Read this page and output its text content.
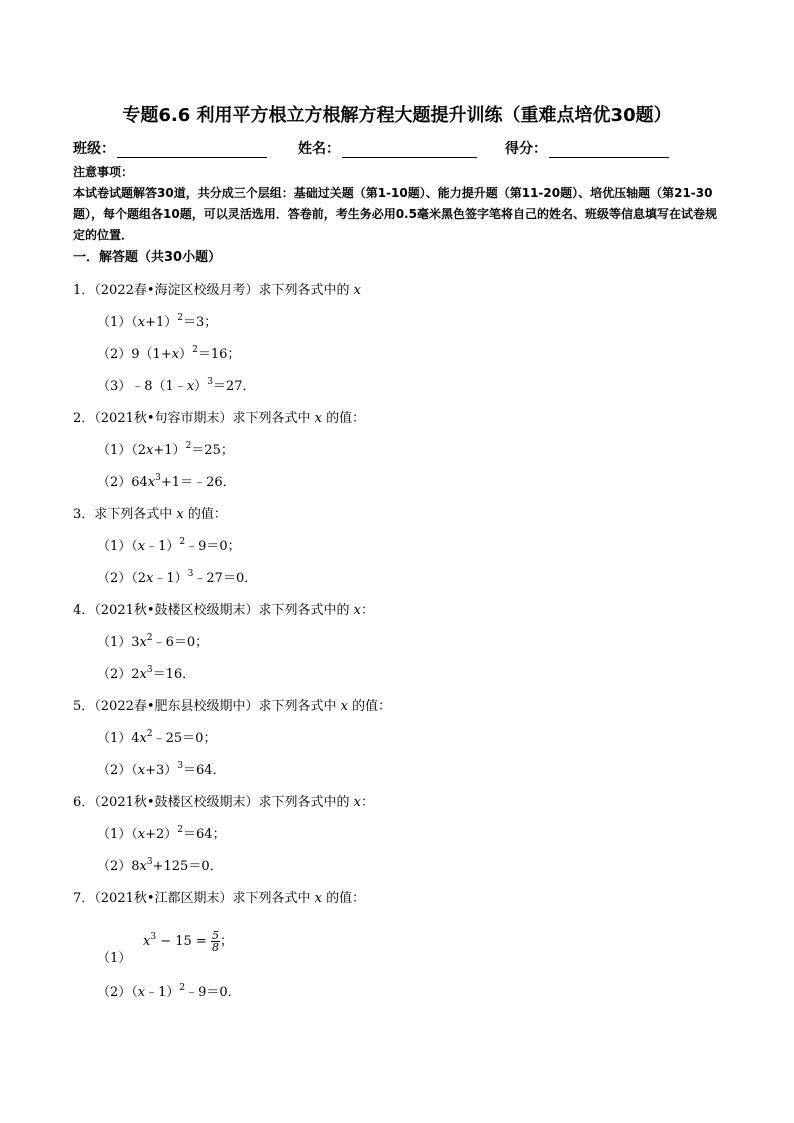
专题6.6 利用平方根立方根解方程大题提升训练（重难点培优30题）
班级：	姓名：	得分：
注意事项：
本试卷试题解答30道，共分成三个层组：基础过关题（第1-10题）、能力提升题（第11-20题）、培优压轴题（第21-30题），每个题组各10题，可以灵活选用．答卷前，考生务必用0.5毫米黑色签字笔将自己的姓名、班级等信息填写在试卷规定的位置．
一．解答题（共30小题）
1．（2022春•海淀区校级月考）求下列各式中的 x
$(1)(x+1)^2=3$；
$(2)9(1+x)^2=16$；
（3）﹣8（1﹣x）$^3$＝27．
2．（2021秋•句容市期末）求下列各式中 x 的值：
$(1)(2x+1)^2=25$；
$(2)64x^3+1=﹣26$．
3．求下列各式中 x 的值：
（1）（x﹣1）$^2$﹣9＝0；
（2）（2x﹣1）$^3$﹣27＝0．
4．（2021秋•鼓楼区校级期末）求下列各式中的 x：
$(1)3x^2﹣6=0$；
$(2)2x^3=16$．
5．（2022春•肥东县校级期中）求下列各式中 x 的值：
$(1)4x^2﹣25=0$；
$(2)(x+3)^3=64$．
6．（2021秋•鼓楼区校级期末）求下列各式中的 x：
$(1)(x+2)^2=64$；
$(2)8x^3+125=0$．
7．（2021秋•江都区期末）求下列各式中 x 的值：
$x^3 - 15 = \frac{5}{8}$ ；
（1）
（2）（x﹣1）$^2$﹣9＝0．
